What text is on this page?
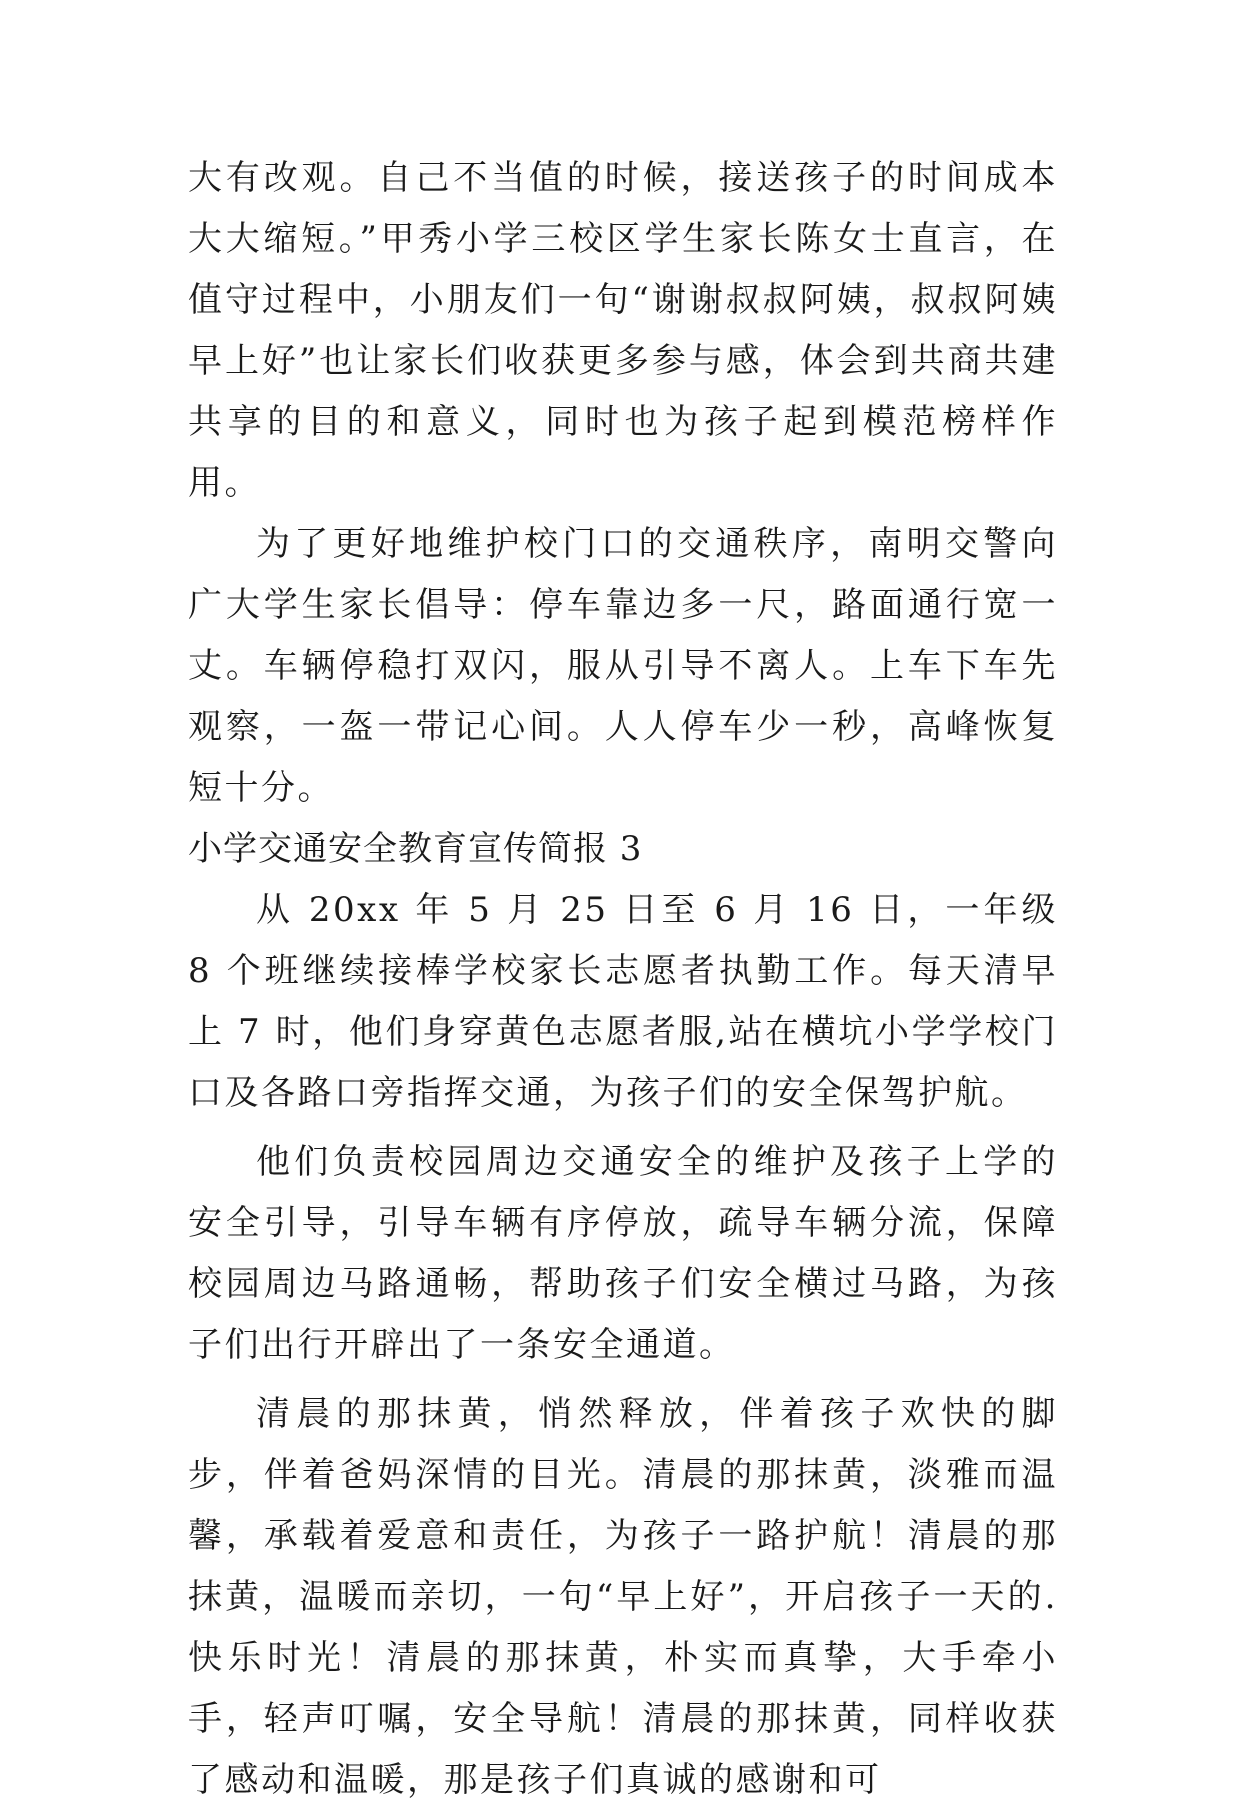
大有改观。自己不当值的时候，接送孩子的时间成本大大缩短。”甲秀小学三校区学生家长陈女士直言，在值守过程中，小朋友们一句“谢谢叔叔阿姨，叔叔阿姨早上好”也让家长们收获更多参与感，体会到共商共建共享的目的和意义，同时也为孩子起到模范榜样作用。

为了更好地维护校门口的交通秩序，南明交警向广大学生家长倡导：停车靠边多一尺，路面通行宽一丈。车辆停稳打双闪，服从引导不离人。上车下车先观察，一盔一带记心间。人人停车少一秒，高峰恢复短十分。

小学交通安全教育宣传简报 3

从 20xx 年 5 月 25 日至 6 月 16 日，一年级 8 个班继续接棒学校家长志愿者执勤工作。每天清早上 7 时，他们身穿黄色志愿者服,站在横坑小学学校门口及各路口旁指挥交通，为孩子们的安全保驾护航。

他们负责校园周边交通安全的维护及孩子上学的安全引导，引导车辆有序停放，疏导车辆分流，保障校园周边马路通畅，帮助孩子们安全横过马路，为孩子们出行开辟出了一条安全通道。

清晨的那抹黄，悄然释放，伴着孩子欢快的脚步，伴着爸妈深情的目光。清晨的那抹黄，淡雅而温馨，承载着爱意和责任，为孩子一路护航！清晨的那抹黄，温暖而亲切，一句“早上好”，开启孩子一天的.快乐时光！清晨的那抹黄，朴实而真挚，大手牵小手，轻声叮嘱，安全导航！清晨的那抹黄，同样收获了感动和温暖，那是孩子们真诚的感谢和可
